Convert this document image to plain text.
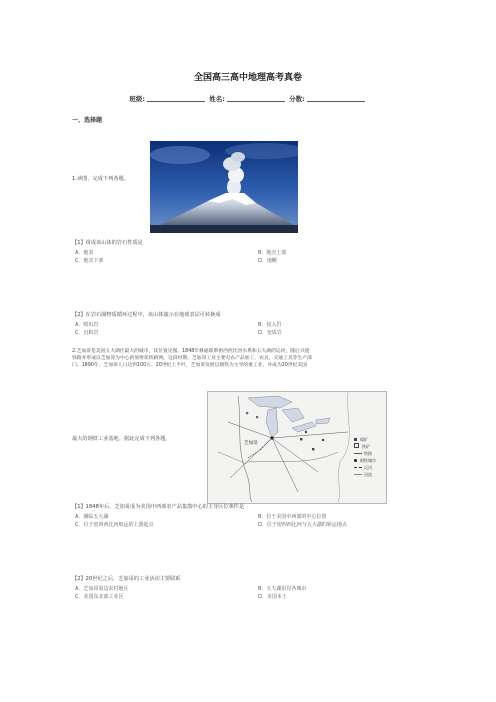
全国高三高中地理高考真卷
班级:	姓名:	分数:
一、选择题
1.读图，完成下列各题。
【1】组成该山体的岩石性质是
A．地表	B．地壳上部
C．地壳下部	D．地幔
【2】在岩石圈物质循环过程中，该山体演示在地球表层可转换成
A．喷出岩	B．侵入岩
C．沉积岩	D．变质岩
2.芝加哥是美国五大湖区最大的城市，其位置见图。1848年修通联系密西西比河水系和五大湖的运河，随后兴建
铁路并形成以芝加哥为中心的放射状铁路网。这段时期，芝加哥工业主要有农产品加工、农具、交通工具等生产部
门。1890年，芝加哥人口达到100万。20世纪上半叶，芝加哥发展以钢铁为主导的重工业，并成为20世纪美国
最大的钢铁工业基地。据此完成下列各题。
芝加哥
煤矿
铁矿
铁路
钢铁城市
运河
河流
【1】1848年后，芝加哥成为美国中西部农产品集散中心的主导区位条件是
A．濒临五大湖	B．位于美国中西部的中心位置
C．位于密西西比河航运的上游起点	D．位于密西西比河与五大湖的转运地点
【2】20世纪之后，芝加哥的工业活动主要联系
A．芝加哥周边农村地区	B．五大湖沿岸各城市
C．美国东北部工业区	D．美国本土
